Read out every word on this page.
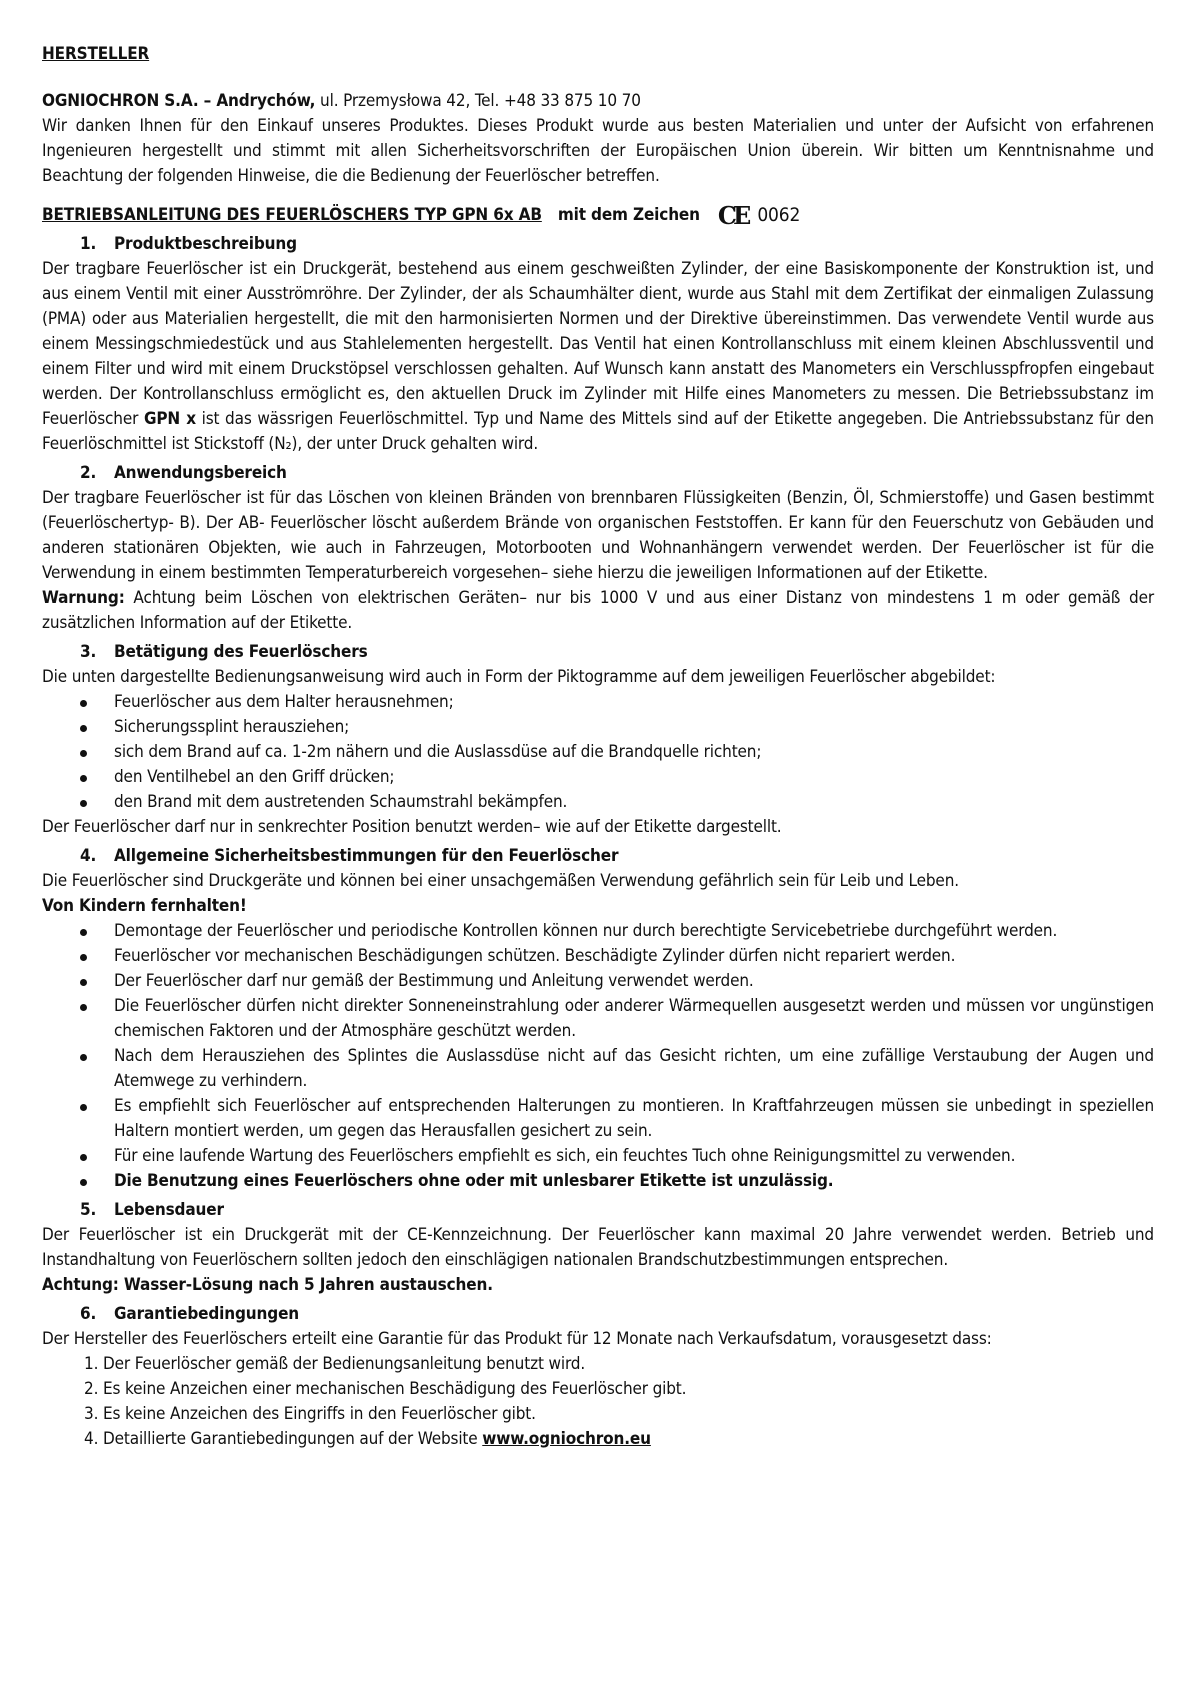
HERSTELLER

OGNIOCHRON S.A. – Andrychów, ul. Przemysłowa 42, Tel. +48 33 875 10 70

Wir danken Ihnen für den Einkauf unseres Produktes. Dieses Produkt wurde aus besten Materialien und unter der Aufsicht von erfahrenen Ingenieuren hergestellt und stimmt mit allen Sicherheitsvorschriften der Europäischen Union überein. Wir bitten um Kenntnisnahme und Beachtung der folgenden Hinweise, die die Bedienung der Feuerlöscher betreffen.

BETRIEBSANLEITUNG DES FEUERLÖSCHERS TYP GPN 6x AB mit dem Zeichen CE 0062

1. Produktbeschreibung

Der tragbare Feuerlöscher ist ein Druckgerät, bestehend aus einem geschweißten Zylinder, der eine Basiskomponente der Konstruktion ist, und aus einem Ventil mit einer Ausströmröhre. Der Zylinder, der als Schaumhälter dient, wurde aus Stahl mit dem Zertifikat der einmaligen Zulassung (PMA) oder aus Materialien hergestellt, die mit den harmonisierten Normen und der Direktive übereinstimmen. Das verwendete Ventil wurde aus einem Messingschmiedestück und aus Stahlelementen hergestellt. Das Ventil hat einen Kontrollanschluss mit einem kleinen Abschlussventil und einem Filter und wird mit einem Druckstöpsel verschlossen gehalten. Auf Wunsch kann anstatt des Manometers ein Verschlusspfropfen eingebaut werden. Der Kontrollanschluss ermöglicht es, den aktuellen Druck im Zylinder mit Hilfe eines Manometers zu messen. Die Betriebssubstanz im Feuerlöscher GPN x ist das wässrigen Feuerlöschmittel. Typ und Name des Mittels sind auf der Etikette angegeben. Die Antriebssubstanz für den Feuerlöschmittel ist Stickstoff (N₂), der unter Druck gehalten wird.

2. Anwendungsbereich

Der tragbare Feuerlöscher ist für das Löschen von kleinen Bränden von brennbaren Flüssigkeiten (Benzin, Öl, Schmierstoffe) und Gasen bestimmt (Feuerlöschertyp- B). Der AB- Feuerlöscher löscht außerdem Brände von organischen Feststoffen. Er kann für den Feuerschutz von Gebäuden und anderen stationären Objekten, wie auch in Fahrzeugen, Motorbooten und Wohnanhängern verwendet werden. Der Feuerlöscher ist für die Verwendung in einem bestimmten Temperaturbereich vorgesehen– siehe hierzu die jeweiligen Informationen auf der Etikette.

Warnung: Achtung beim Löschen von elektrischen Geräten– nur bis 1000 V und aus einer Distanz von mindestens 1 m oder gemäß der zusätzlichen Information auf der Etikette.

3. Betätigung des Feuerlöschers

Die unten dargestellte Bedienungsanweisung wird auch in Form der Piktogramme auf dem jeweiligen Feuerlöscher abgebildet:

Feuerlöscher aus dem Halter herausnehmen;
Sicherungssplint herausziehen;
sich dem Brand auf ca. 1-2m nähern und die Auslassdüse auf die Brandquelle richten;
den Ventilhebel an den Griff drücken;
den Brand mit dem austretenden Schaumstrahl bekämpfen.

Der Feuerlöscher darf nur in senkrechter Position benutzt werden– wie auf der Etikette dargestellt.

4. Allgemeine Sicherheitsbestimmungen für den Feuerlöscher

Die Feuerlöscher sind Druckgeräte und können bei einer unsachgemäßen Verwendung gefährlich sein für Leib und Leben.

Von Kindern fernhalten!

Demontage der Feuerlöscher und periodische Kontrollen können nur durch berechtigte Servicebetriebe durchgeführt werden.
Feuerlöscher vor mechanischen Beschädigungen schützen. Beschädigte Zylinder dürfen nicht repariert werden.
Der Feuerlöscher darf nur gemäß der Bestimmung und Anleitung verwendet werden.
Die Feuerlöscher dürfen nicht direkter Sonneneinstrahlung oder anderer Wärmequellen ausgesetzt werden und müssen vor ungünstigen chemischen Faktoren und der Atmosphäre geschützt werden.
Nach dem Herausziehen des Splintes die Auslassdüse nicht auf das Gesicht richten, um eine zufällige Verstaubung der Augen und Atemwege zu verhindern.
Es empfiehlt sich Feuerlöscher auf entsprechenden Halterungen zu montieren. In Kraftfahrzeugen müssen sie unbedingt in speziellen Haltern montiert werden, um gegen das Herausfallen gesichert zu sein.
Für eine laufende Wartung des Feuerlöschers empfiehlt es sich, ein feuchtes Tuch ohne Reinigungsmittel zu verwenden.
Die Benutzung eines Feuerlöschers ohne oder mit unlesbarer Etikette ist unzulässig.

5. Lebensdauer

Der Feuerlöscher ist ein Druckgerät mit der CE-Kennzeichnung. Der Feuerlöscher kann maximal 20 Jahre verwendet werden. Betrieb und Instandhaltung von Feuerlöschern sollten jedoch den einschlägigen nationalen Brandschutzbestimmungen entsprechen.

Achtung: Wasser-Lösung nach 5 Jahren austauschen.

6. Garantiebedingungen

Der Hersteller des Feuerlöschers erteilt eine Garantie für das Produkt für 12 Monate nach Verkaufsdatum, vorausgesetzt dass:

1. Der Feuerlöscher gemäß der Bedienungsanleitung benutzt wird.
2. Es keine Anzeichen einer mechanischen Beschädigung des Feuerlöscher gibt.
3. Es keine Anzeichen des Eingriffs in den Feuerlöscher gibt.
4. Detaillierte Garantiebedingungen auf der Website www.ogniochron.eu
